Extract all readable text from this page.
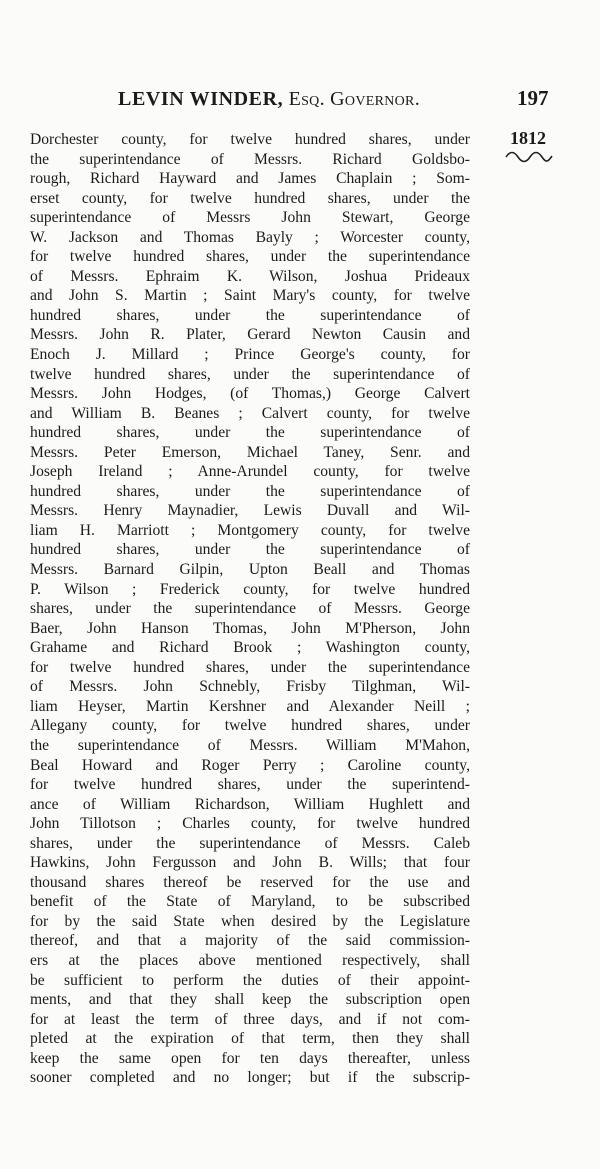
LEVIN WINDER, Esq. Governor.	197
1812
Dorchester county, for twelve hundred shares, under
the superintendance of Messrs. Richard Goldsbo-
rough, Richard Hayward and James Chaplain ; Som-
erset county, for twelve hundred shares, under the
superintendance of Messrs John Stewart, George
W. Jackson and Thomas Bayly ; Worcester county,
for twelve hundred shares, under the superintendance
of Messrs. Ephraim K. Wilson, Joshua Prideaux
and John S. Martin ; Saint Mary's county, for twelve
hundred shares, under the superintendance of
Messrs. John R. Plater, Gerard Newton Causin and
Enoch J. Millard ; Prince George's county, for
twelve hundred shares, under the superintendance of
Messrs. John Hodges, (of Thomas,) George Calvert
and William B. Beanes ; Calvert county, for twelve
hundred shares, under the superintendance of
Messrs. Peter Emerson, Michael Taney, Senr. and
Joseph Ireland ; Anne-Arundel county, for twelve
hundred shares, under the superintendance of
Messrs. Henry Maynadier, Lewis Duvall and Wil-
liam H. Marriott ; Montgomery county, for twelve
hundred shares, under the superintendance of
Messrs. Barnard Gilpin, Upton Beall and Thomas
P. Wilson ; Frederick county, for twelve hundred
shares, under the superintendance of Messrs. George
Baer, John Hanson Thomas, John M'Pherson, John
Grahame and Richard Brook ; Washington county,
for twelve hundred shares, under the superintendance
of Messrs. John Schnebly, Frisby Tilghman, Wil-
liam Heyser, Martin Kershner and Alexander Neill ;
Allegany county, for twelve hundred shares, under
the superintendance of Messrs. William M'Mahon,
Beal Howard and Roger Perry ; Caroline county,
for twelve hundred shares, under the superintend-
ance of William Richardson, William Hughlett and
John Tillotson ; Charles county, for twelve hundred
shares, under the superintendance of Messrs. Caleb
Hawkins, John Fergusson and John B. Wills; that four
thousand shares thereof be reserved for the use and
benefit of the State of Maryland, to be subscribed
for by the said State when desired by the Legislature
thereof, and that a majority of the said commission-
ers at the places above mentioned respectively, shall
be sufficient to perform the duties of their appoint-
ments, and that they shall keep the subscription open
for at least the term of three days, and if not com-
pleted at the expiration of that term, then they shall
keep the same open for ten days thereafter, unless
sooner completed and no longer; but if the subscrip-
